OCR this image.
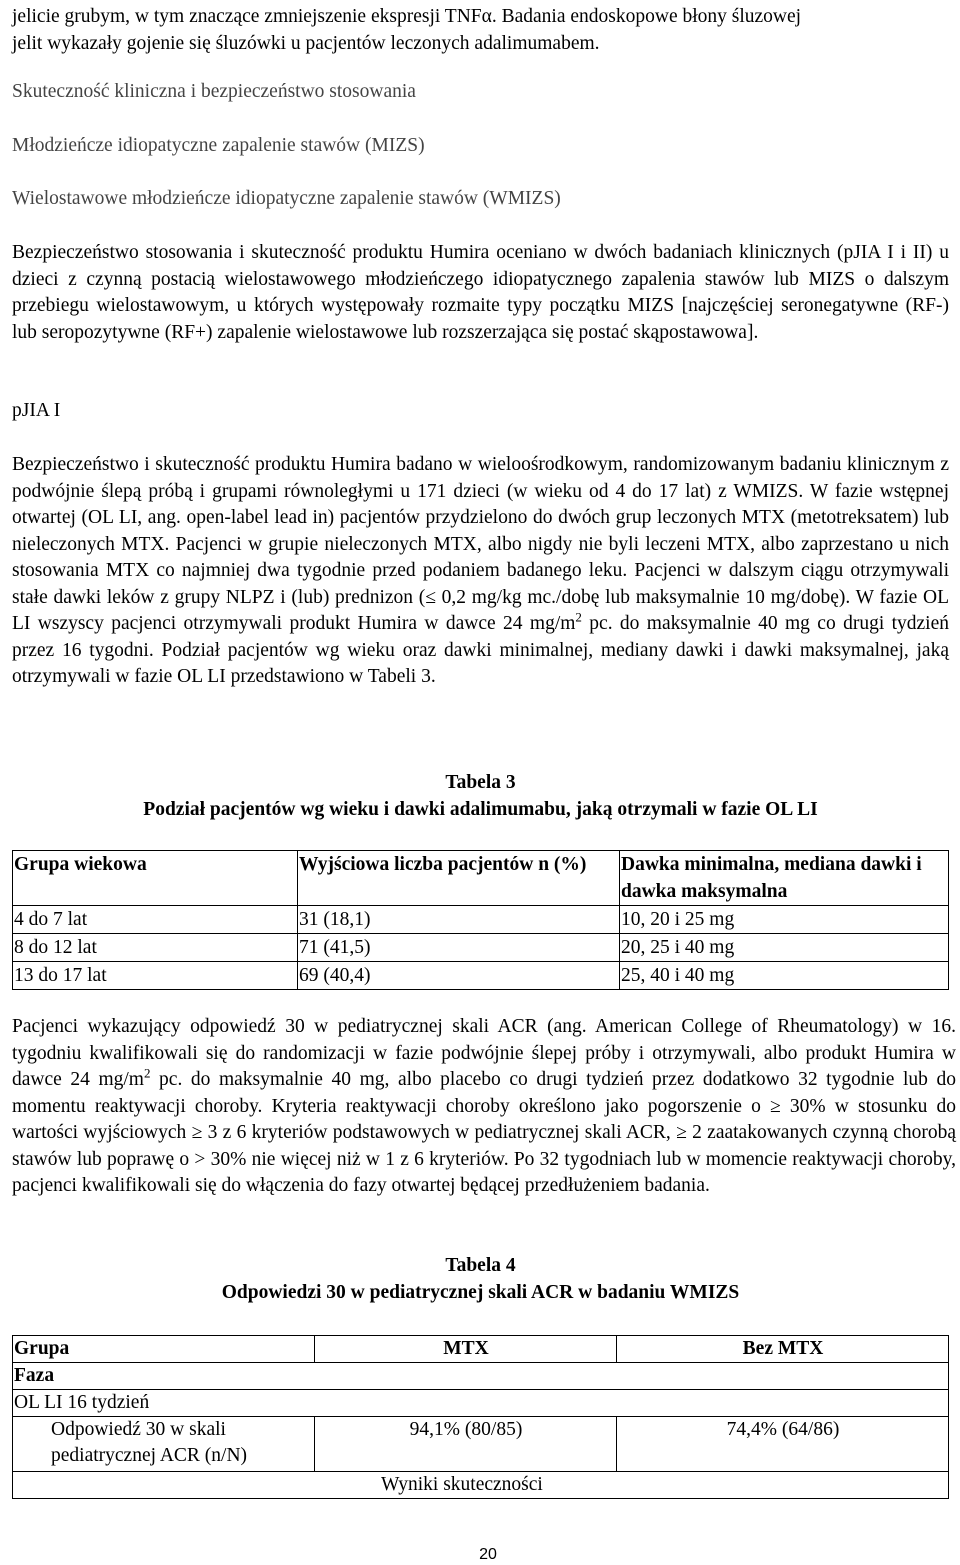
jelicie grubym, w tym znaczące zmniejszenie ekspresji TNFα. Badania endoskopowe błony śluzowej

jelit wykazały gojenie się śluzówki u pacjentów leczonych adalimumabem.

Skuteczność kliniczna i bezpieczeństwo stosowania

Młodzieńcze idiopatyczne zapalenie stawów (MIZS)

Wielostawowe młodzieńcze idiopatyczne zapalenie stawów (WMIZS)

Bezpieczeństwo stosowania i skuteczność produktu Humira oceniano w dwóch badaniach klinicznych (pJIA I i II) u dzieci z czynną postacią wielostawowego młodzieńczego idiopatycznego zapalenia stawów lub MIZS o dalszym przebiegu wielostawowym, u których występowały rozmaite typy początku MIZS [najczęściej seronegatywne (RF-) lub seropozytywne (RF+) zapalenie wielostawowe lub rozszerzająca się postać skąpostawowa].

pJIA I

Bezpieczeństwo i skuteczność produktu Humira badano w wieloośrodkowym, randomizowanym badaniu klinicznym z podwójnie ślepą próbą i grupami równoległymi u 171 dzieci (w wieku od 4 do 17 lat) z WMIZS. W fazie wstępnej otwartej (OL LI, ang. open-label lead in) pacjentów przydzielono do dwóch grup leczonych MTX (metotreksatem) lub nieleczonych MTX. Pacjenci w grupie nieleczonych MTX, albo nigdy nie byli leczeni MTX, albo zaprzestano u nich stosowania MTX co najmniej dwa tygodnie przed podaniem badanego leku. Pacjenci w dalszym ciągu otrzymywali stałe dawki leków z grupy NLPZ i (lub) prednizon (≤ 0,2 mg/kg mc./dobę lub maksymalnie 10 mg/dobę). W fazie OL LI wszyscy pacjenci otrzymywali produkt Humira w dawce 24 $mg/m^2$ pc. do maksymalnie 40 mg co drugi tydzień przez 16 tygodni. Podział pacjentów wg wieku oraz dawki minimalnej, mediany dawki i dawki maksymalnej, jaką otrzymywali w fazie OL LI przedstawiono w Tabeli 3.

Tabela 3

Podział pacjentów wg wieku i dawki adalimumabu, jaką otrzymali w fazie OL LI

Grupa wiekowa	Wyjściowa liczba pacjentów n (%)	Dawka minimalna, mediana dawki i dawka maksymalna
4 do 7 lat	31 (18,1)	10, 20 i 25 mg
8 do 12 lat	71 (41,5)	20, 25 i 40 mg
13 do 17 lat	69 (40,4)	25, 40 i 40 mg

Pacjenci wykazujący odpowiedź 30 w pediatrycznej skali ACR (ang. American College of Rheumatology) w 16. tygodniu kwalifikowali się do randomizacji w fazie podwójnie ślepej próby i otrzymywali, albo produkt Humira w dawce 24 $mg/m^2$ pc. do maksymalnie 40 mg, albo placebo co drugi tydzień przez dodatkowo 32 tygodnie lub do momentu reaktywacji choroby. Kryteria reaktywacji choroby określono jako pogorszenie o ≥ 30% w stosunku do wartości wyjściowych ≥ 3 z 6 kryteriów podstawowych w pediatrycznej skali ACR, ≥ 2 zaatakowanych czynną chorobą stawów lub poprawę o > 30% nie więcej niż w 1 z 6 kryteriów. Po 32 tygodniach lub w momencie reaktywacji choroby, pacjenci kwalifikowali się do włączenia do fazy otwartej będącej przedłużeniem badania.

Tabela 4

Odpowiedzi 30 w pediatrycznej skali ACR w badaniu WMIZS

Grupa	MTX	Bez MTX
Faza		
OL LI 16 tydzień		
Odpowiedź 30 w skali pediatrycznej ACR (n/N)	94,1% (80/85)	74,4% (64/86)
Wyniki skuteczności		
20
